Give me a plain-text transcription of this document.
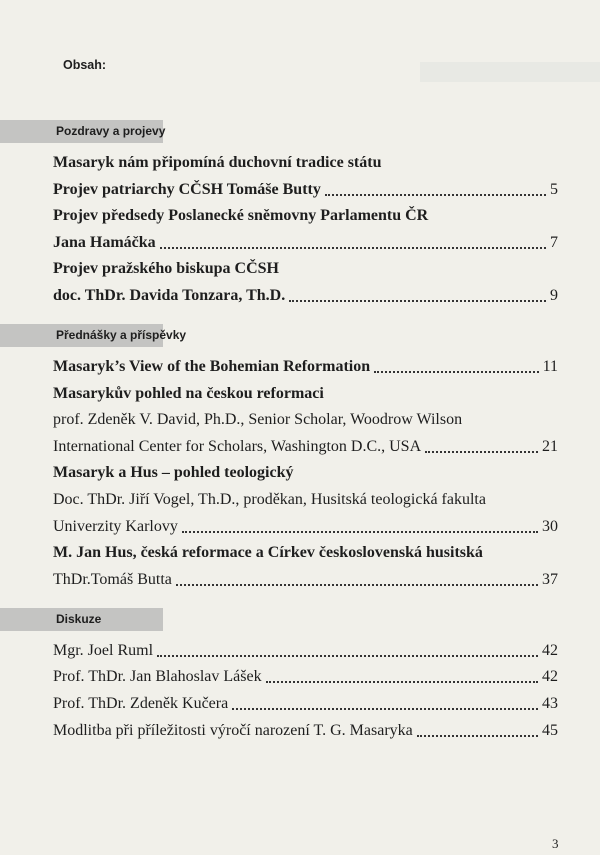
Obsah:
Pozdravy a projevy
Masaryk nám připomíná duchovní tradice státu
Projev patriarchy CČSH Tomáše Butty	5
Projev předsedy Poslanecké sněmovny Parlamentu ČR
Jana Hamáčka	7
Projev pražského biskupa CČSH
doc. ThDr. Davida Tonzara, Th.D.	9
Přednášky a příspěvky
Masaryk’s View of the Bohemian Reformation	11
Masarykův pohled na českou reformaci
prof. Zdeněk V. David, Ph.D., Senior Scholar, Woodrow Wilson
International Center for Scholars, Washington D.C., USA	21
Masaryk a Hus – pohled teologický
Doc. ThDr. Jiří Vogel, Th.D., proděkan, Husitská teologická fakulta
Univerzity Karlovy	30
M. Jan Hus, česká reformace a Církev československá husitská
ThDr.Tomáš Butta	37
Diskuze
Mgr. Joel Ruml	42
Prof. ThDr. Jan Blahoslav Lášek	42
Prof. ThDr. Zdeněk Kučera	43
Modlitba při příležitosti výročí narození T. G. Masaryka	45
3
